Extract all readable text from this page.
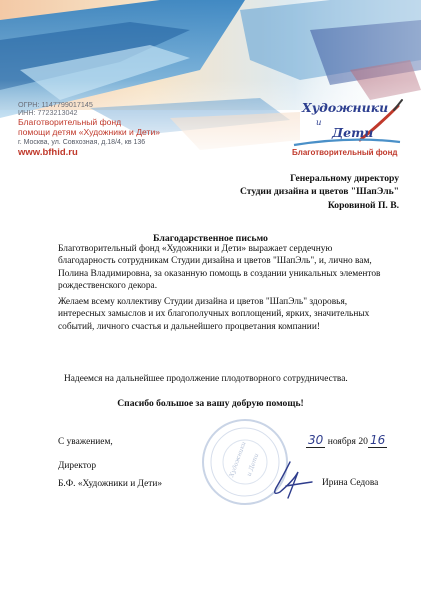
ОГРН: 1147799017145
ИНН: 7723213042
Благотворительный фонд
помощи детям «Художники и Дети»
г. Москва, ул. Совхозная, д.18/4, кв 136
www.bfhid.ru
Художники
и
Дети
Благотворительный фонд
Генеральному директору
Студии дизайна и цветов "ШапЭль"
Коровиной П. В.
Благодарственное письмо
Благотворительный фонд «Художники и Дети» выражает сердечную благодарность сотрудникам Студии дизайна и цветов "ШапЭль", и, лично вам, Полина Владимировна, за оказанную помощь в создании уникальных элементов рождественского декора.
Желаем всему коллективу Студии дизайна и цветов "ШапЭль" здоровья, интересных замыслов и их благополучных воплощений, ярких, значительных событий, личного счастья и дальнейшего процветания компании!
Надеемся на дальнейшее продолжение плодотворного сотрудничества.
Спасибо большое за вашу добрую помощь!
С уважением,
Директор
Б.Ф. «Художники и Дети»
30 ноября 20 16
Художники
и Дети
Ирина Седова
